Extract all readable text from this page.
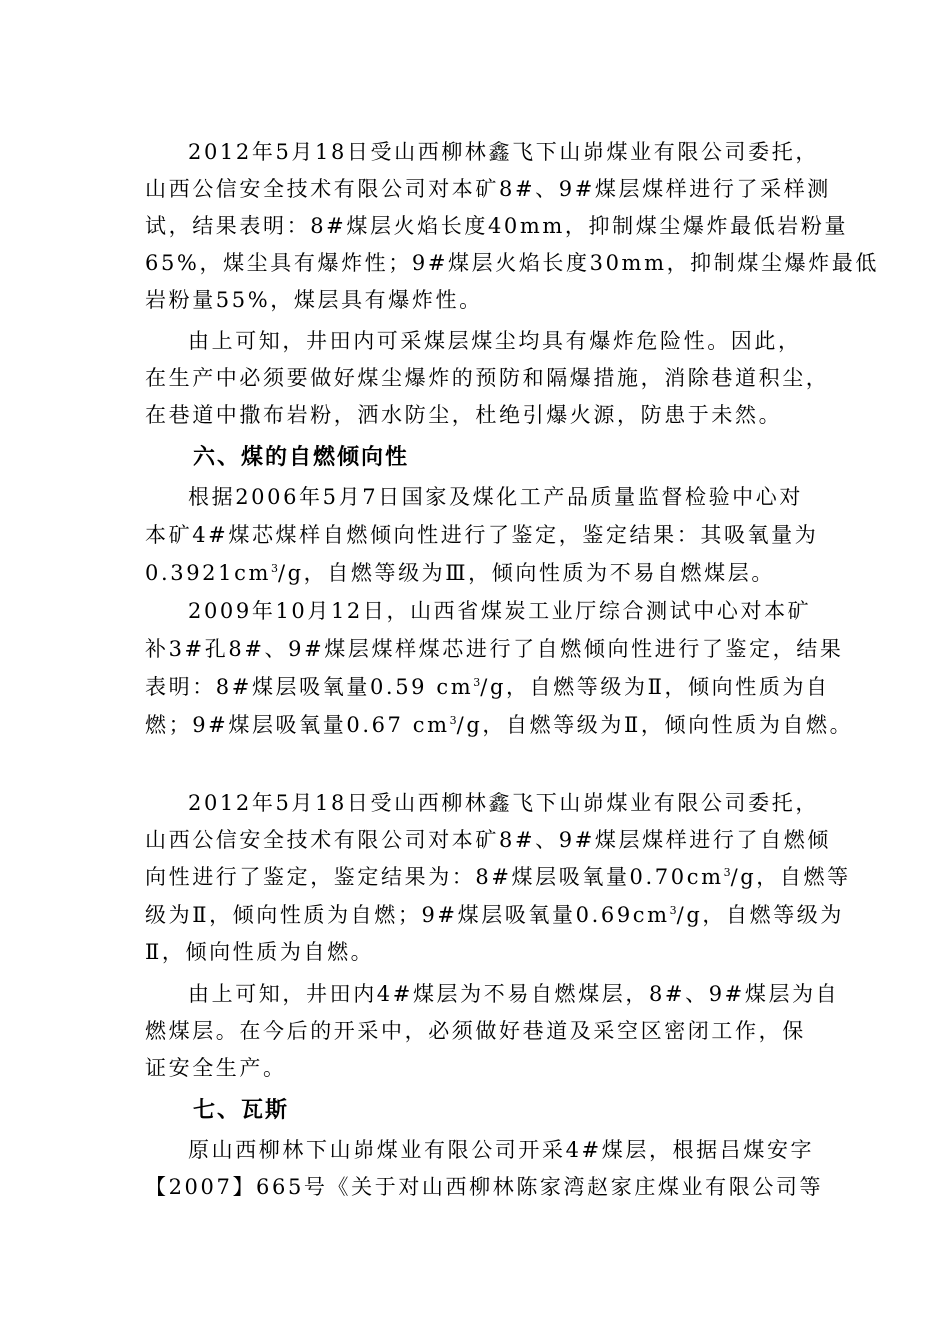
2012年5月18日受山西柳林鑫飞下山峁煤业有限公司委托，
山西公信安全技术有限公司对本矿8#、9#煤层煤样进行了采样测
试，结果表明：8#煤层火焰长度40mm，抑制煤尘爆炸最低岩粉量
65%，煤尘具有爆炸性；9#煤层火焰长度30mm，抑制煤尘爆炸最低
岩粉量55%，煤层具有爆炸性。
由上可知，井田内可采煤层煤尘均具有爆炸危险性。因此，
在生产中必须要做好煤尘爆炸的预防和隔爆措施，消除巷道积尘，
在巷道中撒布岩粉，洒水防尘，杜绝引爆火源，防患于未然。
六、煤的自燃倾向性
根据2006年5月7日国家及煤化工产品质量监督检验中心对
本矿4#煤芯煤样自燃倾向性进行了鉴定，鉴定结果：其吸氧量为
$0.3921cm^3/g$，自燃等级为Ⅲ，倾向性质为不易自燃煤层。
2009年10月12日，山西省煤炭工业厅综合测试中心对本矿
补3#孔8#、9#煤层煤样煤芯进行了自燃倾向性进行了鉴定，结果
表明：8#煤层吸氧量0.59 $cm^3/g$，自燃等级为Ⅱ，倾向性质为自
燃；9#煤层吸氧量0.67 $cm^3/g$，自燃等级为Ⅱ，倾向性质为自燃。
2012年5月18日受山西柳林鑫飞下山峁煤业有限公司委托，
山西公信安全技术有限公司对本矿8#、9#煤层煤样进行了自燃倾
向性进行了鉴定，鉴定结果为：8#煤层吸氧量$0.70cm^3/g$，自燃等
级为Ⅱ，倾向性质为自燃；9#煤层吸氧量$0.69cm^3/g$，自燃等级为
Ⅱ，倾向性质为自燃。
由上可知，井田内4#煤层为不易自燃煤层，8#、9#煤层为自
燃煤层。在今后的开采中，必须做好巷道及采空区密闭工作，保
证安全生产。
七、瓦斯
原山西柳林下山峁煤业有限公司开采4#煤层，根据吕煤安字
【2007】665号《关于对山西柳林陈家湾赵家庄煤业有限公司等
